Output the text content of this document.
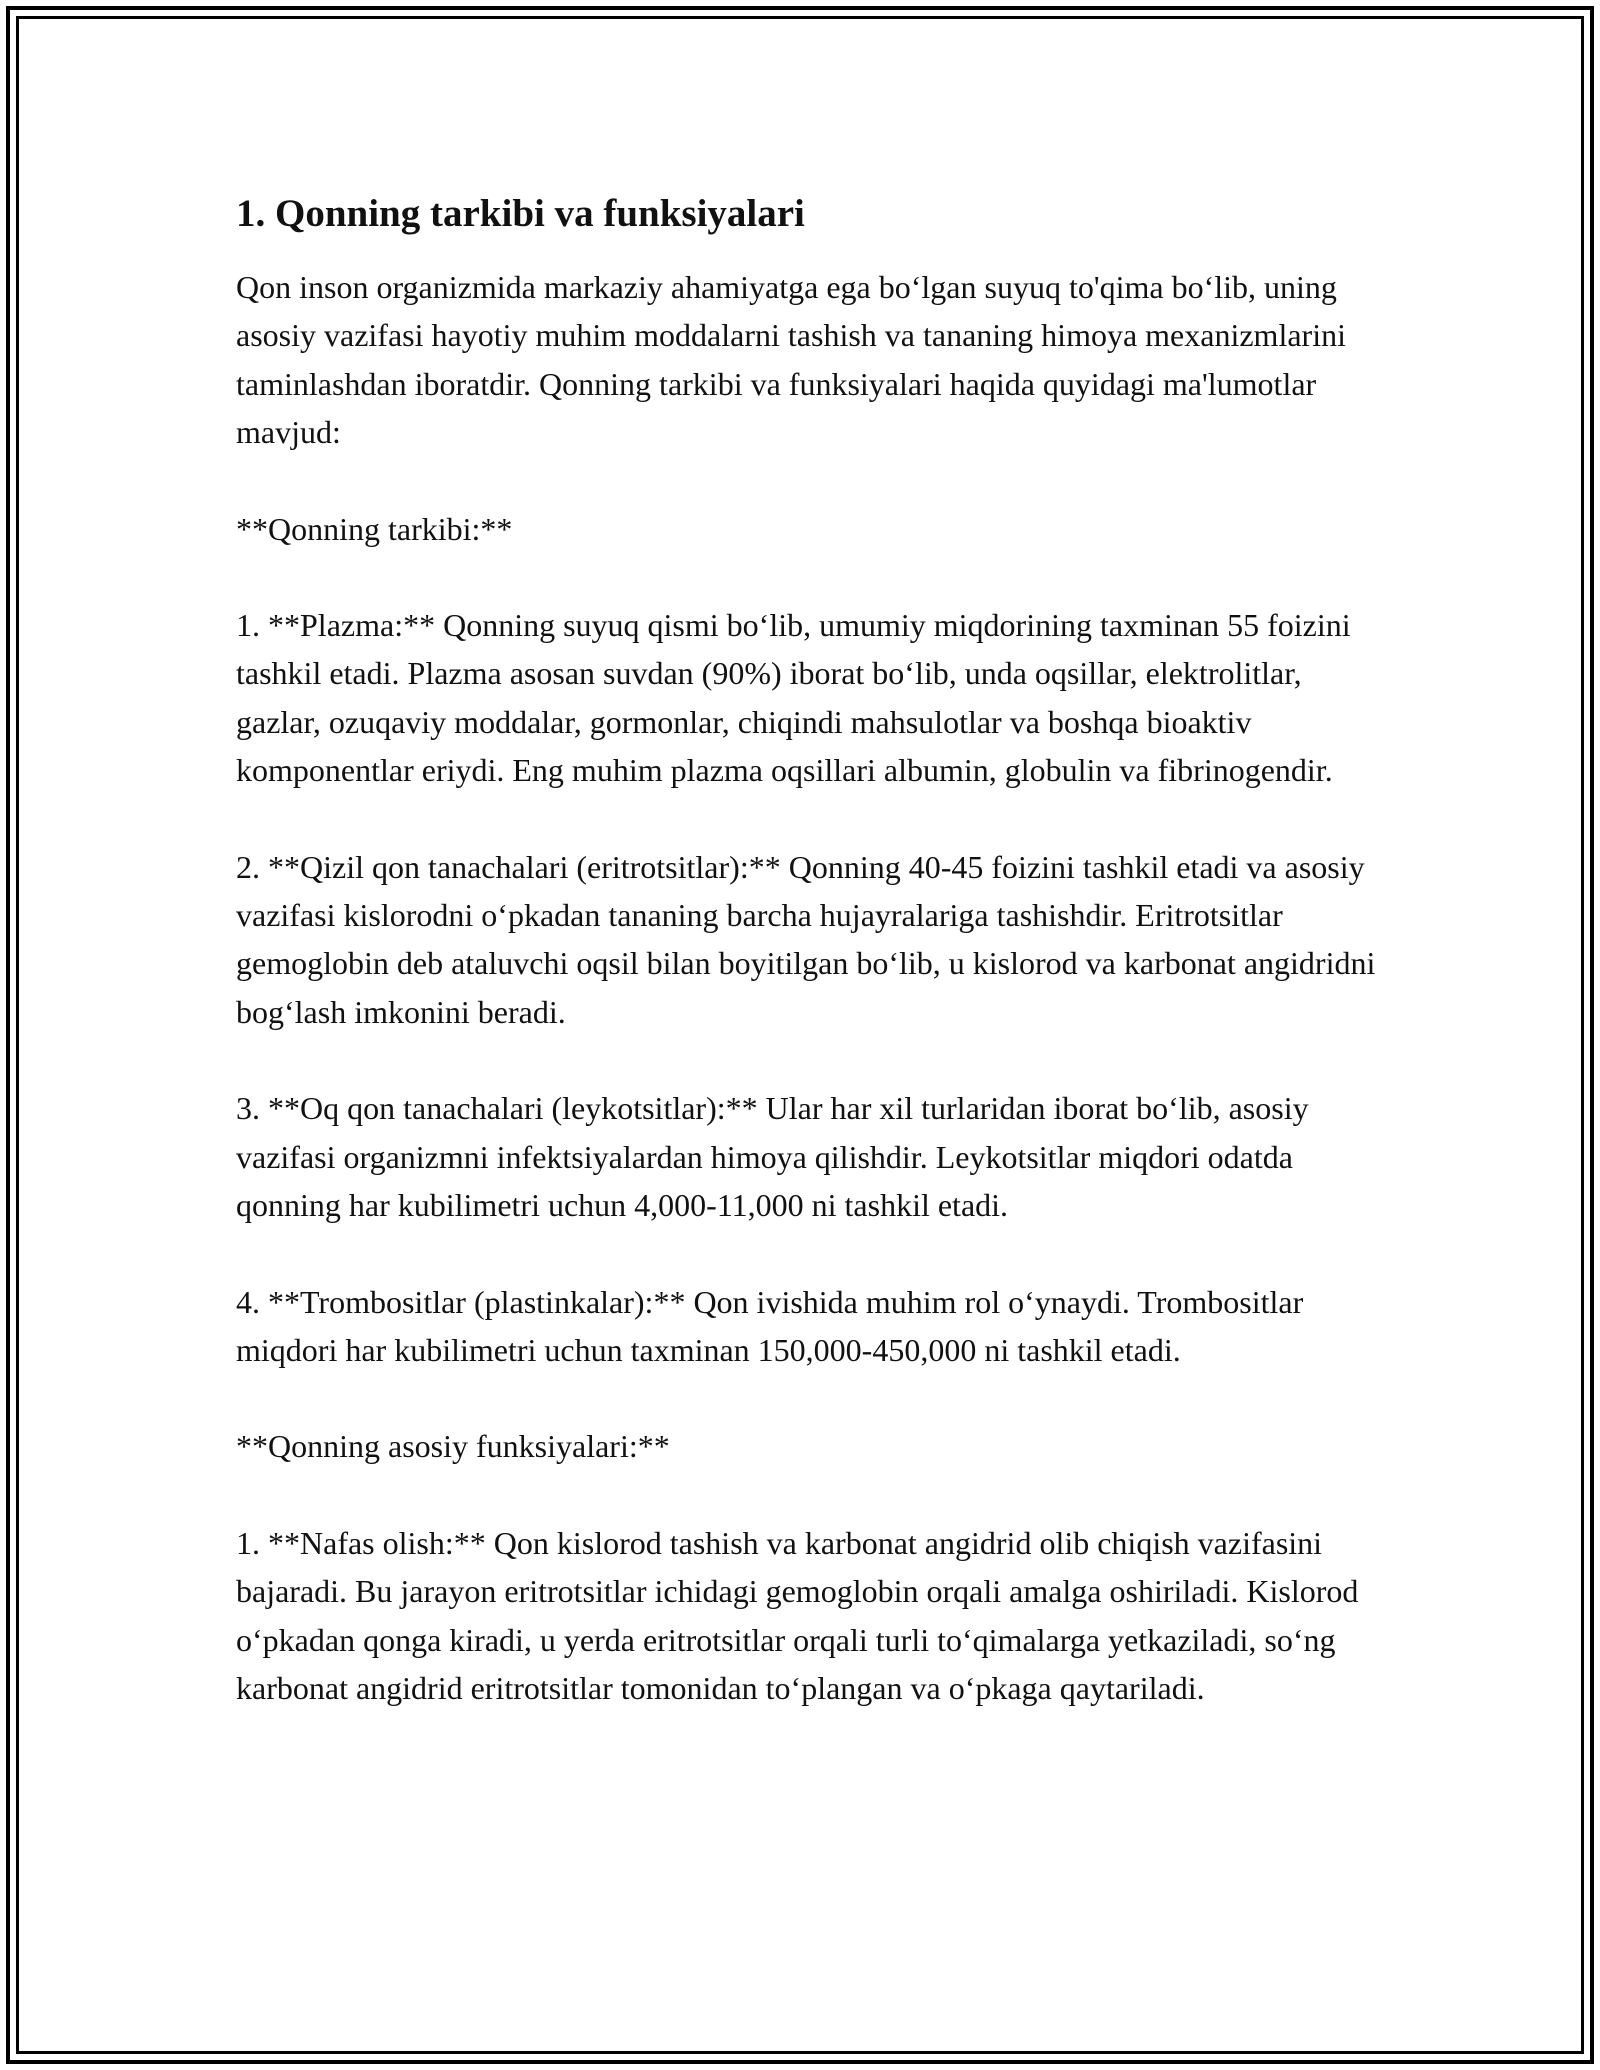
1. Qonning tarkibi va funksiyalari

Qon inson organizmida markaziy ahamiyatga ega bo‘lgan suyuq to'qima bo‘lib, uning asosiy vazifasi hayotiy muhim moddalarni tashish va tananing himoya mexanizmlarini taminlashdan iboratdir. Qonning tarkibi va funksiyalari haqida quyidagi ma'lumotlar mavjud:

**Qonning tarkibi:**

1. **Plazma:** Qonning suyuq qismi bo‘lib, umumiy miqdorining taxminan 55 foizini tashkil etadi. Plazma asosan suvdan (90%) iborat bo‘lib, unda oqsillar, elektrolitlar, gazlar, ozuqaviy moddalar, gormonlar, chiqindi mahsulotlar va boshqa bioaktiv komponentlar eriydi. Eng muhim plazma oqsillari albumin, globulin va fibrinogendir.

2. **Qizil qon tanachalari (eritrotsitlar):** Qonning 40-45 foizini tashkil etadi va asosiy vazifasi kislorodni o‘pkadan tananing barcha hujayralariga tashishdir. Eritrotsitlar gemoglobin deb ataluvchi oqsil bilan boyitilgan bo‘lib, u kislorod va karbonat angidridni bog‘lash imkonini beradi.

3. **Oq qon tanachalari (leykotsitlar):** Ular har xil turlaridan iborat bo‘lib, asosiy vazifasi organizmni infektsiyalardan himoya qilishdir. Leykotsitlar miqdori odatda qonning har kubilimetri uchun 4,000-11,000 ni tashkil etadi.

4. **Trombositlar (plastinkalar):** Qon ivishida muhim rol o‘ynaydi. Trombositlar miqdori har kubilimetri uchun taxminan 150,000-450,000 ni tashkil etadi.

**Qonning asosiy funksiyalari:**

1. **Nafas olish:** Qon kislorod tashish va karbonat angidrid olib chiqish vazifasini bajaradi. Bu jarayon eritrotsitlar ichidagi gemoglobin orqali amalga oshiriladi. Kislorod o‘pkadan qonga kiradi, u yerda eritrotsitlar orqali turli to‘qimalarga yetkaziladi, so‘ng karbonat angidrid eritrotsitlar tomonidan to‘plangan va o‘pkaga qaytariladi.
